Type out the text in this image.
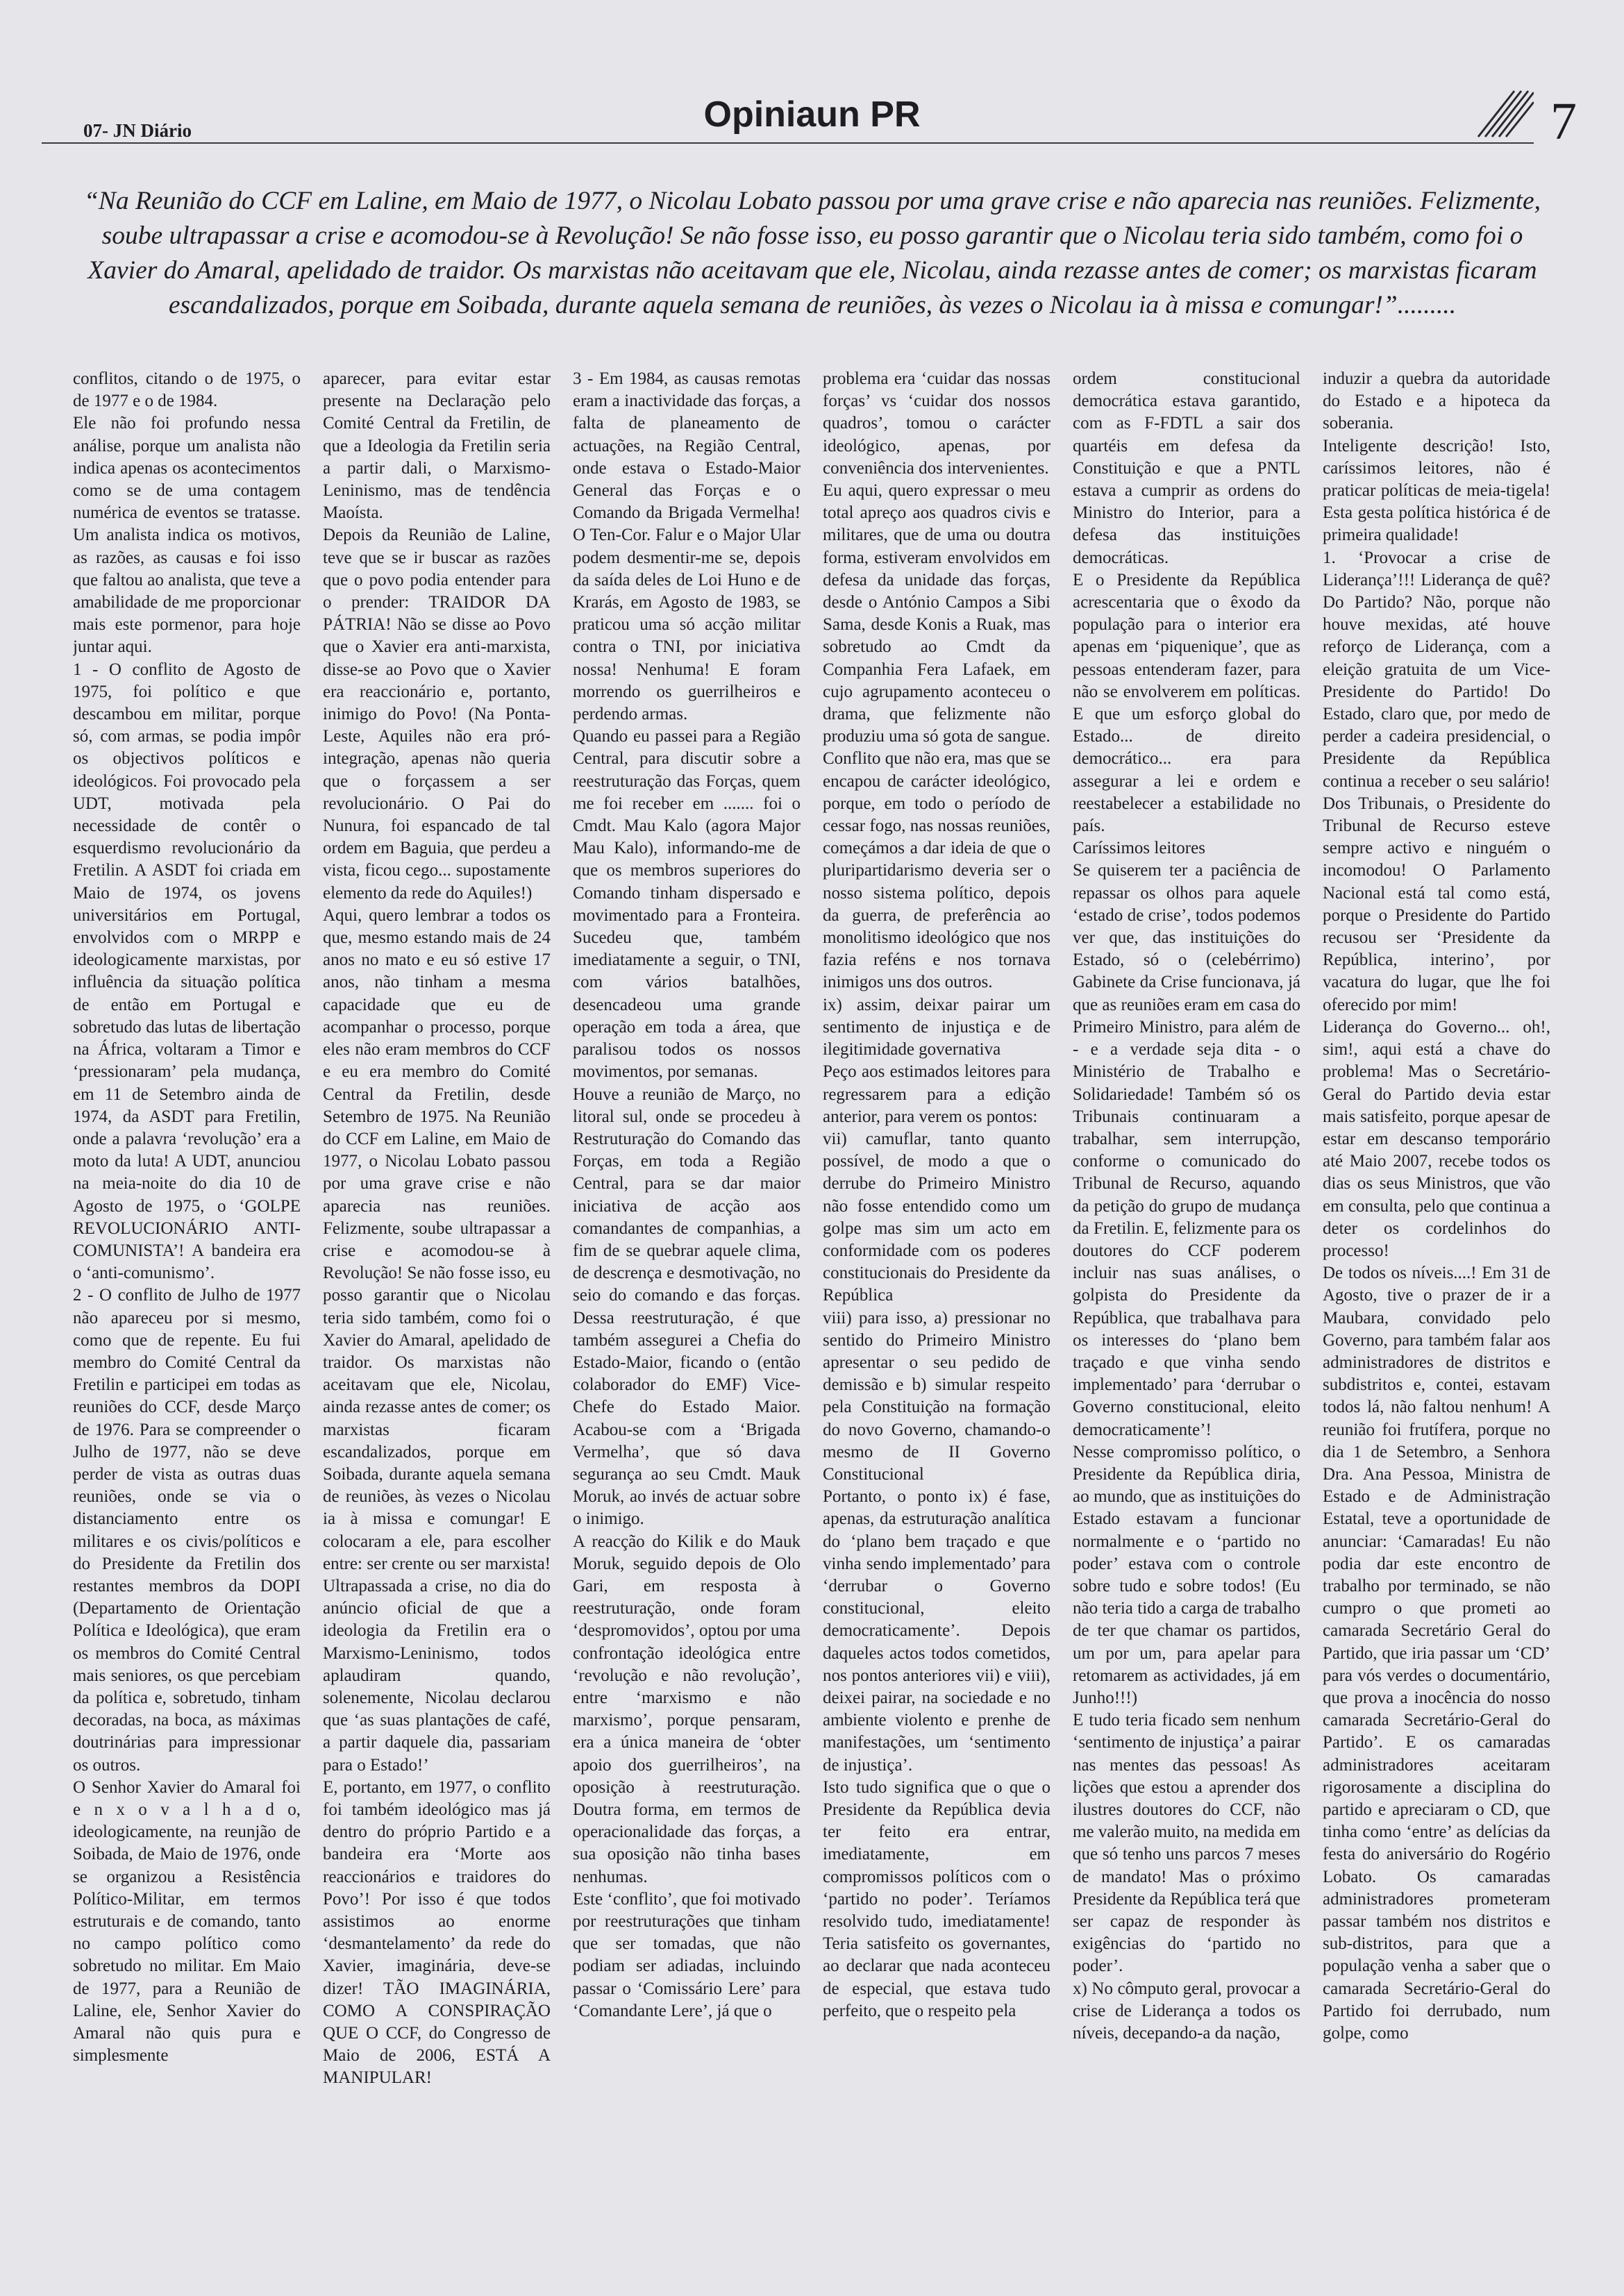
07- JN Diário	Opiniaun PR	7
“Na Reunião do CCF em Laline, em Maio de 1977, o Nicolau Lobato passou por uma grave crise e não aparecia nas reuniões. Felizmente, soube ultrapassar a crise e acomodou-se à Revolução! Se não fosse isso, eu posso garantir que o Nicolau teria sido também, como foi o Xavier do Amaral, apelidado de traidor. Os marxistas não aceitavam que ele, Nicolau, ainda rezasse antes de comer; os marxistas ficaram escandalizados, porque em Soibada, durante aquela semana de reuniões, às vezes o Nicolau ia à missa e comungar!”.........

conflitos, citando o de 1975, o de 1977 e o de 1984.

Ele não foi profundo nessa análise, porque um analista não indica apenas os acontecimentos como se de uma contagem numérica de eventos se tratasse. Um analista indica os motivos, as razões, as causas e foi isso que faltou ao analista, que teve a amabilidade de me proporcionar mais este pormenor, para hoje juntar aqui.

1 - O conflito de Agosto de 1975, foi político e que descambou em militar, porque só, com armas, se podia impôr os objectivos políticos e ideológicos. Foi provocado pela UDT, motivada pela necessidade de contêr o esquerdismo revolucionário da Fretilin. A ASDT foi criada em Maio de 1974, os jovens universitários em Portugal, envolvidos com o MRPP e ideologicamente marxistas, por influência da situação política de então em Portugal e sobretudo das lutas de libertação na África, voltaram a Timor e ‘pressionaram’ pela mudança, em 11 de Setembro ainda de 1974, da ASDT para Fretilin, onde a palavra ‘revolução’ era a moto da luta! A UDT, anunciou na meia-noite do dia 10 de Agosto de 1975, o ‘GOLPE REVOLUCIONÁRIO ANTI-COMUNISTA’! A bandeira era o ‘anti-comunismo’.

2 - O conflito de Julho de 1977 não apareceu por si mesmo, como que de repente. Eu fui membro do Comité Central da Fretilin e participei em todas as reuniões do CCF, desde Março de 1976. Para se compreender o Julho de 1977, não se deve perder de vista as outras duas reuniões, onde se via o distanciamento entre os militares e os civis/políticos e do Presidente da Fretilin dos restantes membros da DOPI (Departamento de Orientação Política e Ideológica), que eram os membros do Comité Central mais seniores, os que percebiam da política e, sobretudo, tinham decoradas, na boca, as máximas doutrinárias para impressionar os outros.

O Senhor Xavier do Amaral foi e n x o v a l h a d o, ideologicamente, na reunjão de Soibada, de Maio de 1976, onde se organizou a Resistência Político-Militar, em termos estruturais e de comando, tanto no campo político como sobretudo no militar. Em Maio de 1977, para a Reunião de Laline, ele, Senhor Xavier do Amaral não quis pura e simplesmente

aparecer, para evitar estar presente na Declaração pelo Comité Central da Fretilin, de que a Ideologia da Fretilin seria a partir dali, o Marxismo-Leninismo, mas de tendência Maoísta.

Depois da Reunião de Laline, teve que se ir buscar as razões que o povo podia entender para o prender: TRAIDOR DA PÁTRIA! Não se disse ao Povo que o Xavier era anti-marxista, disse-se ao Povo que o Xavier era reaccionário e, portanto, inimigo do Povo! (Na Ponta-Leste, Aquiles não era pró-integração, apenas não queria que o forçassem a ser revolucionário. O Pai do Nunura, foi espancado de tal ordem em Baguia, que perdeu a vista, ficou cego... supostamente elemento da rede do Aquiles!)

Aqui, quero lembrar a todos os que, mesmo estando mais de 24 anos no mato e eu só estive 17 anos, não tinham a mesma capacidade que eu de acompanhar o processo, porque eles não eram membros do CCF e eu era membro do Comité Central da Fretilin, desde Setembro de 1975. Na Reunião do CCF em Laline, em Maio de 1977, o Nicolau Lobato passou por uma grave crise e não aparecia nas reuniões. Felizmente, soube ultrapassar a crise e acomodou-se à Revolução! Se não fosse isso, eu posso garantir que o Nicolau teria sido também, como foi o Xavier do Amaral, apelidado de traidor. Os marxistas não aceitavam que ele, Nicolau, ainda rezasse antes de comer; os marxistas ficaram escandalizados, porque em Soibada, durante aquela semana de reuniões, às vezes o Nicolau ia à missa e comungar! E colocaram a ele, para escolher entre: ser crente ou ser marxista! Ultrapassada a crise, no dia do anúncio oficial de que a ideologia da Fretilin era o Marxismo-Leninismo, todos aplaudiram quando, solenemente, Nicolau declarou que ‘as suas plantações de café, a partir daquele dia, passariam para o Estado!’

E, portanto, em 1977, o conflito foi também ideológico mas já dentro do próprio Partido e a bandeira era ‘Morte aos reaccionários e traidores do Povo’! Por isso é que todos assistimos ao enorme ‘desmantelamento’ da rede do Xavier, imaginária, deve-se dizer! TÃO IMAGINÁRIA, COMO A CONSPIRAÇÃO QUE O CCF, do Congresso de Maio de 2006, ESTÁ A MANIPULAR!

3 - Em 1984, as causas remotas eram a inactividade das forças, a falta de planeamento de actuações, na Região Central, onde estava o Estado-Maior General das Forças e o Comando da Brigada Vermelha! O Ten-Cor. Falur e o Major Ular podem desmentir-me se, depois da saída deles de Loi Huno e de Krarás, em Agosto de 1983, se praticou uma só acção militar contra o TNI, por iniciativa nossa! Nenhuma! E foram morrendo os guerrilheiros e perdendo armas.

Quando eu passei para a Região Central, para discutir sobre a reestruturação das Forças, quem me foi receber em ....... foi o Cmdt. Mau Kalo (agora Major Mau Kalo), informando-me de que os membros superiores do Comando tinham dispersado e movimentado para a Fronteira. Sucedeu que, também imediatamente a seguir, o TNI, com vários batalhões, desencadeou uma grande operação em toda a área, que paralisou todos os nossos movimentos, por semanas.

Houve a reunião de Março, no litoral sul, onde se procedeu à Restruturação do Comando das Forças, em toda a Região Central, para se dar maior iniciativa de acção aos comandantes de companhias, a fim de se quebrar aquele clima, de descrença e desmotivação, no seio do comando e das forças. Dessa reestruturação, é que também assegurei a Chefia do Estado-Maior, ficando o (então colaborador do EMF) Vice-Chefe do Estado Maior. Acabou-se com a ‘Brigada Vermelha’, que só dava segurança ao seu Cmdt. Mauk Moruk, ao invés de actuar sobre o inimigo.

A reacção do Kilik e do Mauk Moruk, seguido depois de Olo Gari, em resposta à reestruturação, onde foram ‘despromovidos’, optou por uma confrontação ideológica entre ‘revolução e não revolução’, entre ‘marxismo e não marxismo’, porque pensaram, era a única maneira de ‘obter apoio dos guerrilheiros’, na oposição à reestruturação. Doutra forma, em termos de operacionalidade das forças, a sua oposição não tinha bases nenhumas.

Este ‘conflito’, que foi motivado por reestruturações que tinham que ser tomadas, que não podiam ser adiadas, incluindo passar o ‘Comissário Lere’ para ‘Comandante Lere’, já que o

problema era ‘cuidar das nossas forças’ vs ‘cuidar dos nossos quadros’, tomou o carácter ideológico, apenas, por conveniência dos intervenientes.

Eu aqui, quero expressar o meu total apreço aos quadros civis e militares, que de uma ou doutra forma, estiveram envolvidos em defesa da unidade das forças, desde o António Campos a Sibi Sama, desde Konis a Ruak, mas sobretudo ao Cmdt da Companhia Fera Lafaek, em cujo agrupamento aconteceu o drama, que felizmente não produziu uma só gota de sangue.

Conflito que não era, mas que se encapou de carácter ideológico, porque, em todo o período de cessar fogo, nas nossas reuniões, começámos a dar ideia de que o pluripartidarismo deveria ser o nosso sistema político, depois da guerra, de preferência ao monolitismo ideológico que nos fazia reféns e nos tornava inimigos uns dos outros.

ix) assim, deixar pairar um sentimento de injustiça e de ilegitimidade governativa

Peço aos estimados leitores para regressarem para a edição anterior, para verem os pontos:

vii) camuflar, tanto quanto possível, de modo a que o derrube do Primeiro Ministro não fosse entendido como um golpe mas sim um acto em conformidade com os poderes constitucionais do Presidente da República

viii) para isso, a) pressionar no sentido do Primeiro Ministro apresentar o seu pedido de demissão e b) simular respeito pela Constituição na formação do novo Governo, chamando-o mesmo de II Governo Constitucional

Portanto, o ponto ix) é fase, apenas, da estruturação analítica do ‘plano bem traçado e que vinha sendo implementado’ para ‘derrubar o Governo constitucional, eleito democraticamente’. Depois daqueles actos todos cometidos, nos pontos anteriores vii) e viii), deixei pairar, na sociedade e no ambiente violento e prenhe de manifestações, um ‘sentimento de injustiça’.

Isto tudo significa que o que o Presidente da República devia ter feito era entrar, imediatamente, em compromissos políticos com o ‘partido no poder’. Teríamos resolvido tudo, imediatamente! Teria satisfeito os governantes, ao declarar que nada aconteceu de especial, que estava tudo perfeito, que o respeito pela

ordem constitucional democrática estava garantido, com as F-FDTL a sair dos quartéis em defesa da Constituição e que a PNTL estava a cumprir as ordens do Ministro do Interior, para a defesa das instituições democráticas.

E o Presidente da República acrescentaria que o êxodo da população para o interior era apenas em ‘piquenique’, que as pessoas entenderam fazer, para não se envolverem em políticas. E que um esforço global do Estado... de direito democrático... era para assegurar a lei e ordem e reestabelecer a estabilidade no país.

Caríssimos leitores

Se quiserem ter a paciência de repassar os olhos para aquele ‘estado de crise’, todos podemos ver que, das instituições do Estado, só o (celebérrimo) Gabinete da Crise funcionava, já que as reuniões eram em casa do Primeiro Ministro, para além de - e a verdade seja dita - o Ministério de Trabalho e Solidariedade! Também só os Tribunais continuaram a trabalhar, sem interrupção, conforme o comunicado do Tribunal de Recurso, aquando da petição do grupo de mudança da Fretilin. E, felizmente para os doutores do CCF poderem incluir nas suas análises, o golpista do Presidente da República, que trabalhava para os interesses do ‘plano bem traçado e que vinha sendo implementado’ para ‘derrubar o Governo constitucional, eleito democraticamente’!

Nesse compromisso político, o Presidente da República diria, ao mundo, que as instituições do Estado estavam a funcionar normalmente e o ‘partido no poder’ estava com o controle sobre tudo e sobre todos! (Eu não teria tido a carga de trabalho de ter que chamar os partidos, um por um, para apelar para retomarem as actividades, já em Junho!!!)

E tudo teria ficado sem nenhum ‘sentimento de injustiça’ a pairar nas mentes das pessoas! As lições que estou a aprender dos ilustres doutores do CCF, não me valerão muito, na medida em que só tenho uns parcos 7 meses de mandato! Mas o próximo Presidente da República terá que ser capaz de responder às exigências do ‘partido no poder’.

x) No cômputo geral, provocar a crise de Liderança a todos os níveis, decepando-a da nação,

induzir a quebra da autoridade do Estado e a hipoteca da soberania.

Inteligente descrição! Isto, caríssimos leitores, não é praticar políticas de meia-tigela! Esta gesta política histórica é de primeira qualidade!

1. ‘Provocar a crise de Liderança’!!! Liderança de quê? Do Partido? Não, porque não houve mexidas, até houve reforço de Liderança, com a eleição gratuita de um Vice-Presidente do Partido! Do Estado, claro que, por medo de perder a cadeira presidencial, o Presidente da República continua a receber o seu salário! Dos Tribunais, o Presidente do Tribunal de Recurso esteve sempre activo e ninguém o incomodou! O Parlamento Nacional está tal como está, porque o Presidente do Partido recusou ser ‘Presidente da República, interino’, por vacatura do lugar, que lhe foi oferecido por mim!

Liderança do Governo... oh!, sim!, aqui está a chave do problema! Mas o Secretário-Geral do Partido devia estar mais satisfeito, porque apesar de estar em descanso temporário até Maio 2007, recebe todos os dias os seus Ministros, que vão em consulta, pelo que continua a deter os cordelinhos do processo!

De todos os níveis....! Em 31 de Agosto, tive o prazer de ir a Maubara, convidado pelo Governo, para também falar aos administradores de distritos e subdistritos e, contei, estavam todos lá, não faltou nenhum! A reunião foi frutífera, porque no dia 1 de Setembro, a Senhora Dra. Ana Pessoa, Ministra de Estado e de Administração Estatal, teve a oportunidade de anunciar: ‘Camaradas! Eu não podia dar este encontro de trabalho por terminado, se não cumpro o que prometi ao camarada Secretário Geral do Partido, que iria passar um ‘CD’ para vós verdes o documentário, que prova a inocência do nosso camarada Secretário-Geral do Partido’. E os camaradas administradores aceitaram rigorosamente a disciplina do partido e apreciaram o CD, que tinha como ‘entre’ as delícias da festa do aniversário do Rogério Lobato. Os camaradas administradores prometeram passar também nos distritos e sub-distritos, para que a população venha a saber que o camarada Secretário-Geral do Partido foi derrubado, num golpe, como
